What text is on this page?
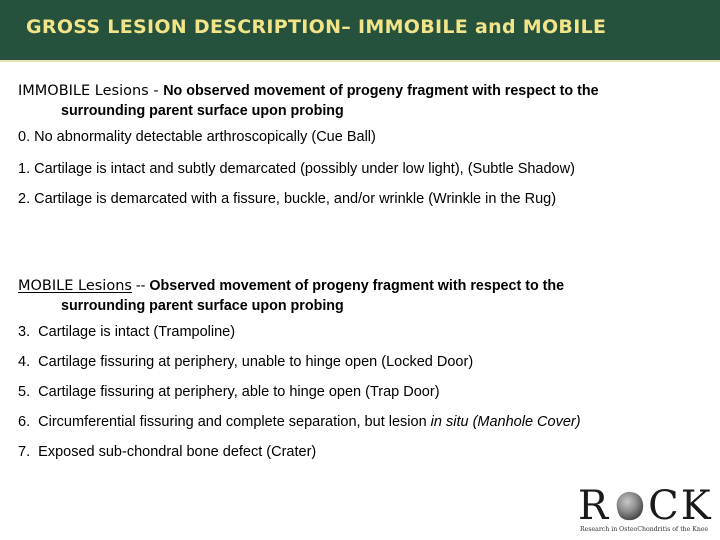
GROSS LESION DESCRIPTION– IMMOBILE and MOBILE
IMMOBILE Lesions - No observed movement of progeny fragment with respect to the
surrounding parent surface upon probing
0. No abnormality detectable arthroscopically (Cue Ball)
1. Cartilage is intact and subtly demarcated (possibly under low light), (Subtle Shadow)
2. Cartilage is demarcated with a fissure, buckle, and/or wrinkle (Wrinkle in the Rug)
MOBILE Lesions -- Observed movement of progeny fragment with respect to the
surrounding parent surface upon probing
3. Cartilage is intact (Trampoline)
4. Cartilage fissuring at periphery, unable to hinge open (Locked Door)
5. Cartilage fissuring at periphery, able to hinge open (Trap Door)
6. Circumferential fissuring and complete separation, but lesion in situ (Manhole Cover)
7. Exposed sub-chondral bone defect (Crater)
R CK
Research in OsteoChondritis of the Knee
